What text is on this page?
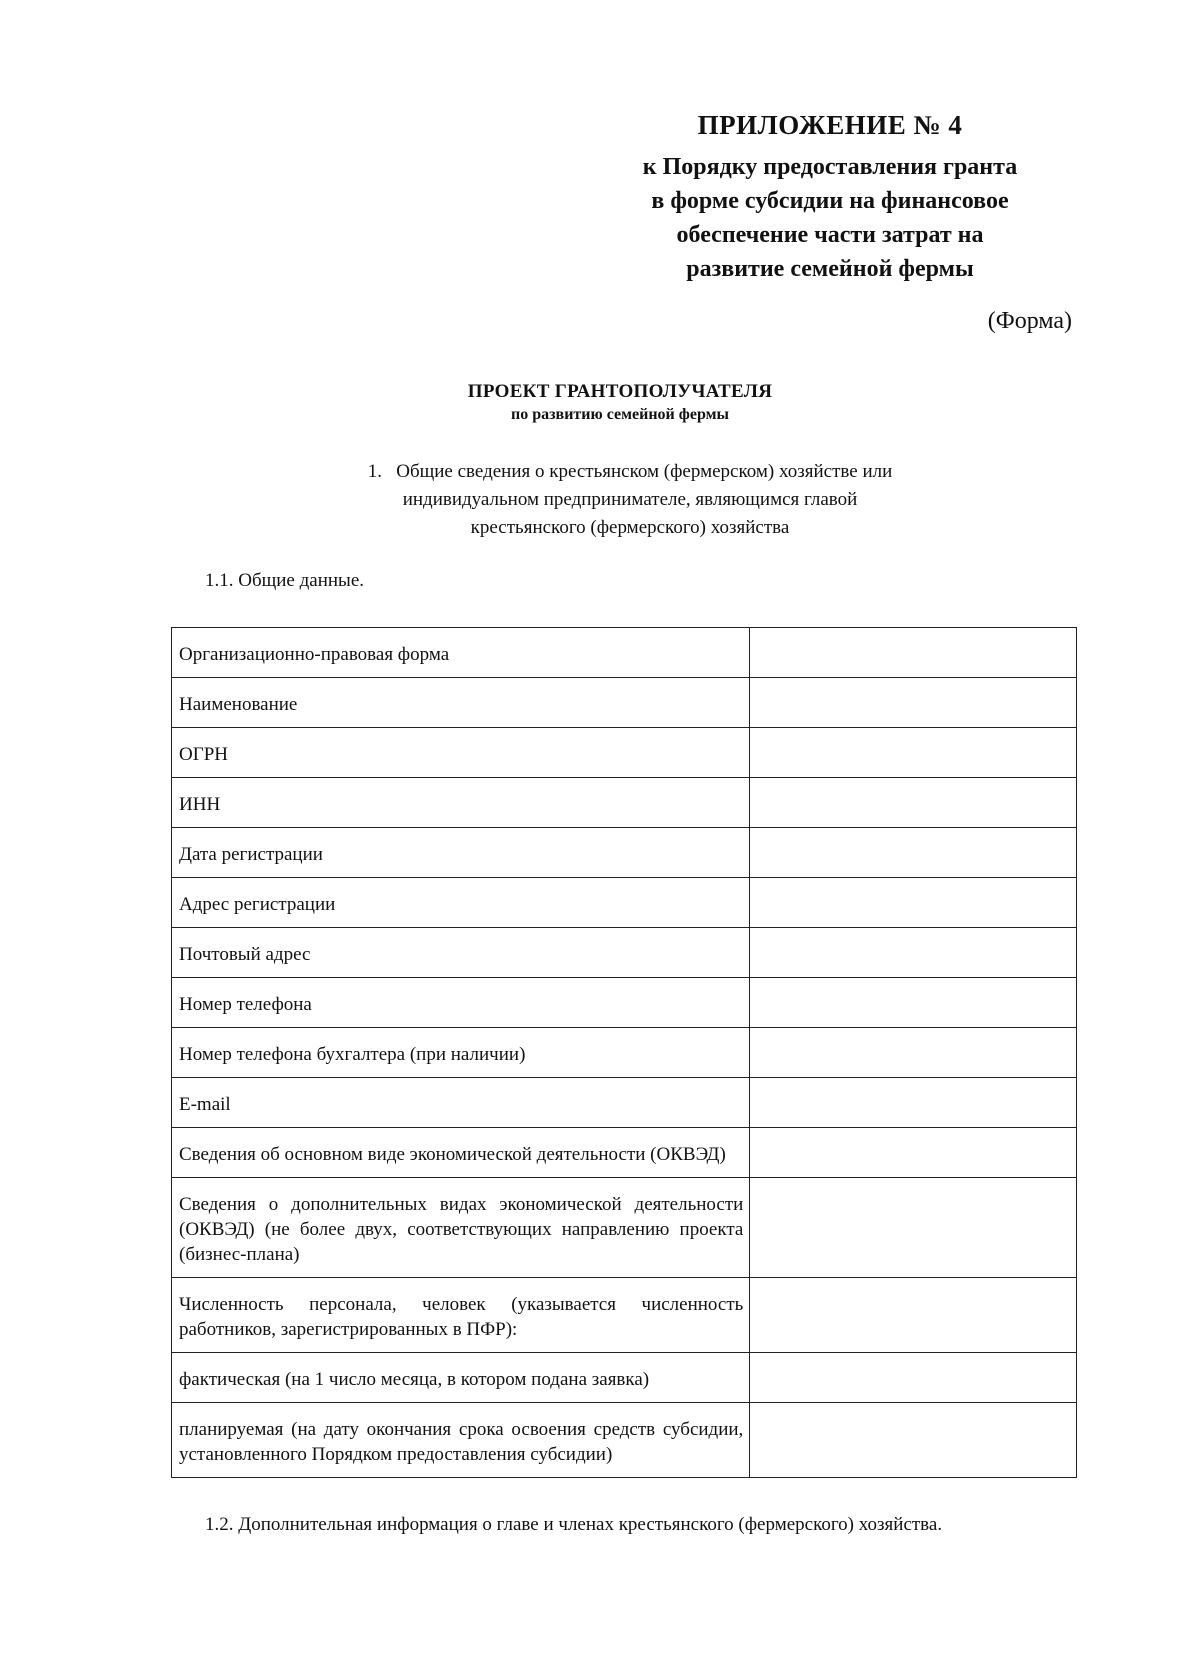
ПРИЛОЖЕНИЕ № 4
к Порядку предоставления гранта
в форме субсидии на финансовое
обеспечение части затрат на
развитие семейной фермы
(Форма)
ПРОЕКТ ГРАНТОПОЛУЧАТЕЛЯ
по развитию семейной фермы
1.   Общие сведения о крестьянском (фермерском) хозяйстве или
индивидуальном предпринимателе, являющимся главой
крестьянского (фермерского) хозяйства
1.1. Общие данные.
Организационно-правовая форма	
Наименование	
ОГРН	
ИНН	
Дата регистрации	
Адрес регистрации	
Почтовый адрес	
Номер телефона	
Номер телефона бухгалтера (при наличии)	
E-mail	
Сведения об основном виде экономической деятельности (ОКВЭД)	
Сведения о дополнительных видах экономической деятельности (ОКВЭД) (не более двух, соответствующих направлению проекта (бизнес-плана)	
Численность персонала, человек (указывается численность работников, зарегистрированных в ПФР):	
фактическая (на 1 число месяца, в котором подана заявка)	
планируемая (на дату окончания срока освоения средств субсидии, установленного Порядком предоставления субсидии)	
1.2. Дополнительная информация о главе и членах крестьянского (фермерского) хозяйства.
